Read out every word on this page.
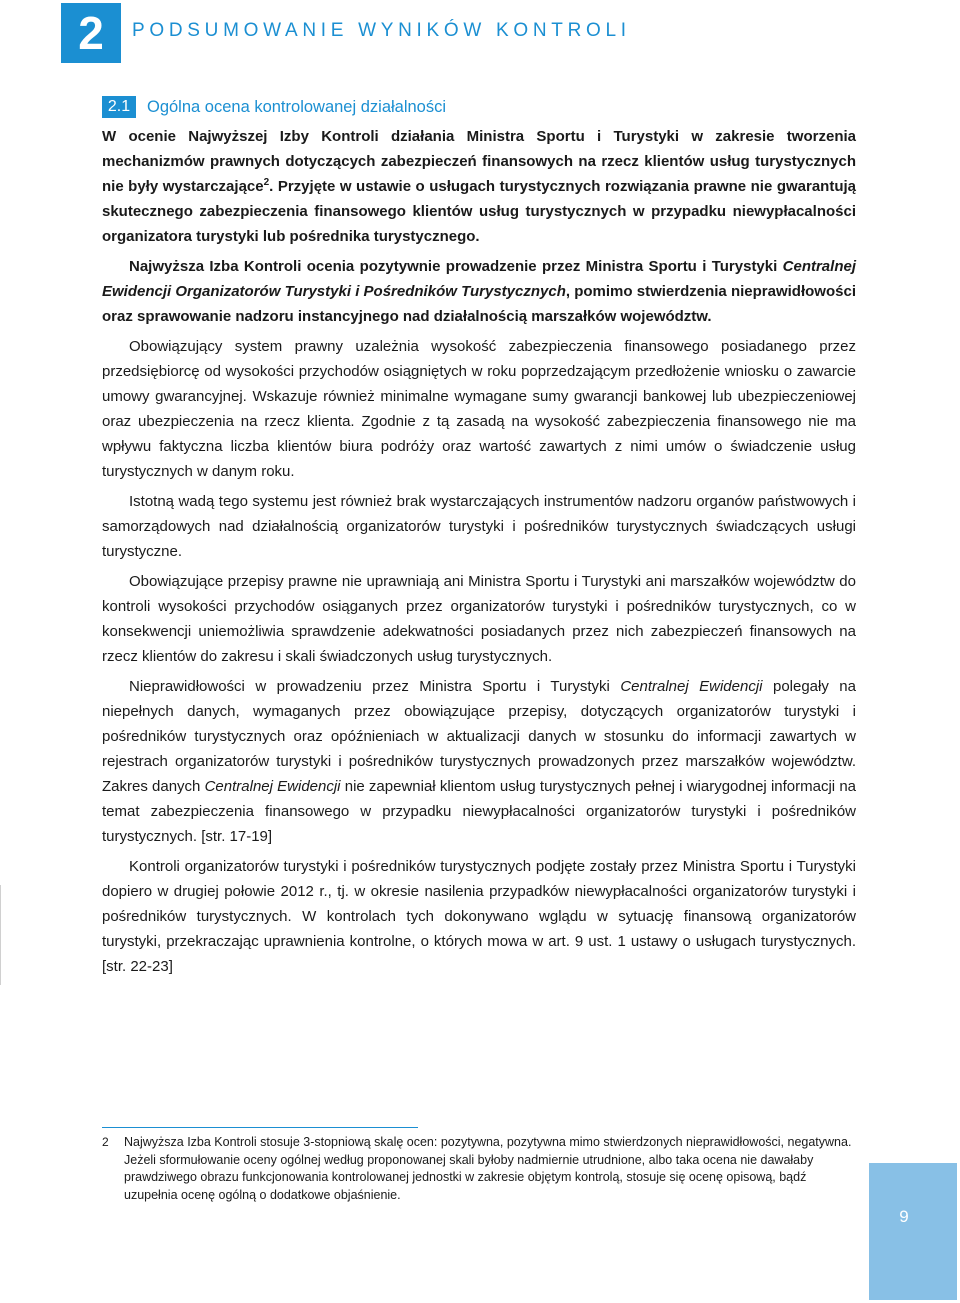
2	PODSUMOWANIE WYNIKÓW KONTROLI
2.1	Ogólna ocena kontrolowanej działalności

W ocenie Najwyższej Izby Kontroli działania Ministra Sportu i Turystyki w zakresie tworzenia mechanizmów prawnych dotyczących zabezpieczeń finansowych na rzecz klientów usług turystycznych nie były wystarczające$^2$. Przyjęte w ustawie o usługach turystycznych rozwiązania prawne nie gwarantują skutecznego zabezpieczenia finansowego klientów usług turystycznych w przypadku niewypłacalności organizatora turystyki lub pośrednika turystycznego.

Najwyższa Izba Kontroli ocenia pozytywnie prowadzenie przez Ministra Sportu i Turystyki Centralnej Ewidencji Organizatorów Turystyki i Pośredników Turystycznych, pomimo stwierdzenia nieprawidłowości oraz sprawowanie nadzoru instancyjnego nad działalnością marszałków województw.

Obowiązujący system prawny uzależnia wysokość zabezpieczenia finansowego posiadanego przez przedsiębiorcę od wysokości przychodów osiągniętych w roku poprzedzającym przedłożenie wniosku o zawarcie umowy gwarancyjnej. Wskazuje również minimalne wymagane sumy gwarancji bankowej lub ubezpieczeniowej oraz ubezpieczenia na rzecz klienta. Zgodnie z tą zasadą na wysokość zabezpieczenia finansowego nie ma wpływu faktyczna liczba klientów biura podróży oraz wartość zawartych z nimi umów o świadczenie usług turystycznych w danym roku.

Istotną wadą tego systemu jest również brak wystarczających instrumentów nadzoru organów państwowych i samorządowych nad działalnością organizatorów turystyki i pośredników turystycznych świadczących usługi turystyczne.

Obowiązujące przepisy prawne nie uprawniają ani Ministra Sportu i Turystyki ani marszałków województw do kontroli wysokości przychodów osiąganych przez organizatorów turystyki i pośredników turystycznych, co w konsekwencji uniemożliwia sprawdzenie adekwatności posiadanych przez nich zabezpieczeń finansowych na rzecz klientów do zakresu i skali świadczonych usług turystycznych.

Nieprawidłowości w prowadzeniu przez Ministra Sportu i Turystyki Centralnej Ewidencji polegały na niepełnych danych, wymaganych przez obowiązujące przepisy, dotyczących organizatorów turystyki i pośredników turystycznych oraz opóźnieniach w aktualizacji danych w stosunku do informacji zawartych w rejestrach organizatorów turystyki i pośredników turystycznych prowadzonych przez marszałków województw. Zakres danych Centralnej Ewidencji nie zapewniał klientom usług turystycznych pełnej i wiarygodnej informacji na temat zabezpieczenia finansowego w przypadku niewypłacalności organizatorów turystyki i pośredników turystycznych. [str. 17-19]

Kontroli organizatorów turystyki i pośredników turystycznych podjęte zostały przez Ministra Sportu i Turystyki dopiero w drugiej połowie 2012 r., tj. w okresie nasilenia przypadków niewypłacalności organizatorów turystyki i pośredników turystycznych. W kontrolach tych dokonywano wglądu w sytuację finansową organizatorów turystyki, przekraczając uprawnienia kontrolne, o których mowa w art. 9 ust. 1 ustawy o usługach turystycznych. [str. 22-23]

2 Najwyższa Izba Kontroli stosuje 3-stopniową skalę ocen: pozytywna, pozytywna mimo stwierdzonych nieprawidłowości, negatywna. Jeżeli sformułowanie oceny ogólnej według proponowanej skali byłoby nadmiernie utrudnione, albo taka ocena nie dawałaby prawdziwego obrazu funkcjonowania kontrolowanej jednostki w zakresie objętym kontrolą, stosuje się ocenę opisową, bądź uzupełnia ocenę ogólną o dodatkowe objaśnienie.
9
